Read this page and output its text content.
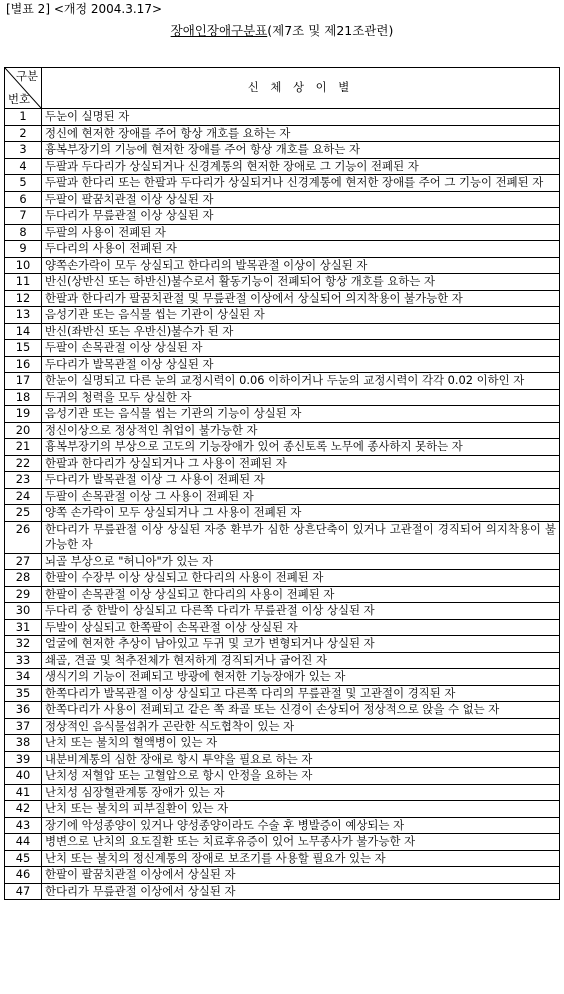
[별표 2] <개정 2004.3.17>
장애인장애구분표(제7조 및 제21조관련)
구분
번호	신 체 상 이 별
1	두눈이 실명된 자
2	정신에 현저한 장애를 주어 항상 개호를 요하는 자
3	흉복부장기의 기능에 현저한 장애를 주어 항상 개호를 요하는 자
4	두팔과 두다리가 상실되거나 신경계통의 현저한 장애로 그 기능이 전폐된 자
5	두팔과 한다리 또는 한팔과 두다리가 상실되거나 신경계통에 현저한 장애를 주어 그 기능이 전폐된 자
6	두팔이 팔꿈치관절 이상 상실된 자
7	두다리가 무릎관절 이상 상실된 자
8	두팔의 사용이 전폐된 자
9	두다리의 사용이 전폐된 자
10	양쪽손가락이 모두 상실되고 한다리의 발목관절 이상이 상실된 자
11	반신(상반신 또는 하반신)불수로서 활동기능이 전폐되어 항상 개호를 요하는 자
12	한팔과 한다리가 팔꿈치관절 및 무릎관절 이상에서 상실되어 의지착용이 불가능한 자
13	음성기관 또는 음식물 씹는 기관이 상실된 자
14	반신(좌반신 또는 우반신)불수가 된 자
15	두팔이 손목관절 이상 상실된 자
16	두다리가 발목관절 이상 상실된 자
17	한눈이 실명되고 다른 눈의 교정시력이 0.06 이하이거나 두눈의 교정시력이 각각 0.02 이하인 자
18	두귀의 청력을 모두 상실한 자
19	음성기관 또는 음식물 씹는 기관의 기능이 상실된 자
20	정신이상으로 정상적인 취업이 불가능한 자
21	흉복부장기의 부상으로 고도의 기능장애가 있어 종신토록 노무에 종사하지 못하는 자
22	한팔과 한다리가 상실되거나 그 사용이 전폐된 자
23	두다리가 발목관절 이상 그 사용이 전폐된 자
24	두팔이 손목관절 이상 그 사용이 전폐된 자
25	양쪽 손가락이 모두 상실되거나 그 사용이 전폐된 자
26	한다리가 무릎관절 이상 상실된 자중 환부가 심한 상흔단축이 있거나 고관절이 경직되어 의지착용이 불가능한 자
27	뇌골 부상으로 "허니아"가 있는 자
28	한팔이 수장부 이상 상실되고 한다리의 사용이 전폐된 자
29	한팔이 손목관절 이상 상실되고 한다리의 사용이 전폐된 자
30	두다리 중 한발이 상실되고 다른쪽 다리가 무릎관절 이상 상실된 자
31	두발이 상실되고 한쪽팔이 손목관절 이상 상실된 자
32	얼굴에 현저한 추상이 남아있고 두귀 및 코가 변형되거나 상실된 자
33	쇄골, 견골 및 척추전체가 현저하게 경직되거나 굽어진 자
34	생식기의 기능이 전폐되고 방광에 현저한 기능장애가 있는 자
35	한쪽다리가 발목관절 이상 상실되고 다른쪽 다리의 무릎관절 및 고관절이 경직된 자
36	한쪽다리가 사용이 전폐되고 같은 쪽 좌골 또는 신경이 손상되어 정상적으로 앉을 수 없는 자
37	정상적인 음식물섭취가 곤란한 식도협착이 있는 자
38	난치 또는 불치의 혈액병이 있는 자
39	내분비계통의 심한 장애로 항시 투약을 필요로 하는 자
40	난치성 저혈압 또는 고혈압으로 항시 안정을 요하는 자
41	난치성 심장혈관계통 장애가 있는 자
42	난치 또는 불치의 피부질환이 있는 자
43	장기에 악성종양이 있거나 양성종양이라도 수술 후 병발증이 예상되는 자
44	병변으로 난치의 요도질환 또는 치료후유증이 있어 노무종사가 불가능한 자
45	난치 또는 불치의 정신계통의 장애로 보조기를 사용할 필요가 있는 자
46	한팔이 팔꿈치관절 이상에서 상실된 자
47	한다리가 무릎관절 이상에서 상실된 자
